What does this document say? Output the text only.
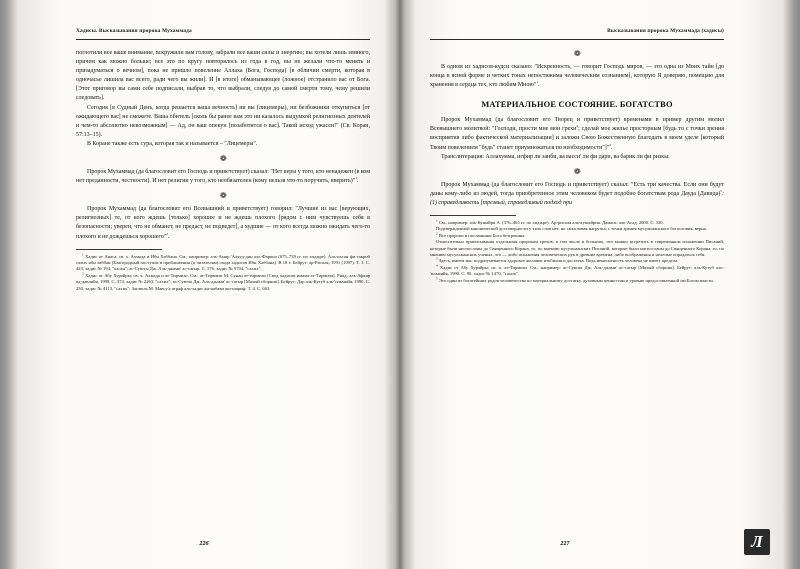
Хадисы. Высказывания пророка Мухаммада

поглотили все ваше внимание, вскружили вам голову, забрали все ваши силы и энергию; вы хотели лишь земного, причем как можно больше; все это по кругу повторялось из года в год, вы не желали что-то менять и призадуматься о вечном], пока не пришло повеление Аллаха (Бога, Господа) [в обличии смерти, которая в одночасье лишила вас всего, ради чего вы жили]. И [в итоге] обманывающее (ложное) отстранило вас от Бога. [Этот приговор вы сами себе подписали, выбрав то, что выбрали, следуя до самой смерти тому, чему решили следовать].

Сегодня [в Судный День, когда решается ваша вечность] ни вы (лицемеры), ни безбожники откупиться [от ожидающего вас] не сможете. Ваша обитель [сколь бы ранее вам это ни казалось выдумкой религиозных деятелей и чем-то абсолютно невозможным] — Ад, он ваш опекун [позаботится о вас]. Такой исход ужасен!" (Св. Коран, 57:13–15).

В Коране также есть сура, которая так и называется – "Лицемеры".

❁

Пророк Мухаммад (да благословит его Господь и приветствует) сказал: "Нет веры у того, кто ненадежен (в ком нет преданности, честности). И нет религии у того, кто необязателен (кому нельзя что-то поручить, вверить)"$^1$.

❁

Пророк Мухаммад (да благословит его Всевышний и приветствует) говорил: "Лучшие из вас [верующих, религиозных] те, от кого ждешь [только] хорошее и не ждешь плохого [рядом с ним чувствуешь себя в безопасности; уверен, что не обманет, не предаст, не подведет], а худшие — от кого всегда можно ожидать чего-то плохого и не дождешься хорошего"$^2$.

$^1$ Хадис от Анаса; св. х. Ахмада и Ибн Хаббана. См., например: аль-Амир 'Аляуд-дин аль-Фариси (675–739 гг. по хиджре). Аль-ихсан фи такриб сахих ибн хаббан [Благородный поступок в приближении (к читателям) свода хадисов Ибн Хаббана]. В 18 т. Бейрут: ар-Рисаля, 1991 (1997). Т. 1. С. 423, хадис № 194, "хасан"; ас-Суюты Дж. Аль-джами' ас-сагыр. С. 576, хадис № 9704, "сахих".

$^2$ Хадис от Абу Хурайры; св. х. Ахмада и ат-Тирмизи. См.: ат-Тирмизи М. Сунан ат-тирмизи [Свод хадисов имама ат-Тирмизи]. Рияд: аль-Афкяр ад-давлийя, 1999. С. 374, хадис № 2263, "сахих"; ас-Суюты Дж. Аль-джами' ас-сагыр [Малый сборник]. Бейрут: Дар аль-Кутуб аль-'ильмийя, 1990. С. 250, хадис № 4113, "сахих"; Заглюль М. Мавсу'а атраф аль-хадис ан-набави аш-шариф. Т. 4. С. 663.

226
Высказывания пророка Мухаммада (хадисы)
❁

В одном из хадисов-кудси сказано: "Искренность, — говорит Господь миров, — это одна из Моих тайн [до конца в ясной форме и четких тонах непостижима человеческим сознанием], которую Я доверяю, помещаю для хранения в сердца тех, кто любим Мною"$^1$.

МАТЕРИАЛЬНОЕ СОСТОЯНИЕ. БОГАТСТВО

Пророк Мухаммад (да благословит его Творец и приветствует) временами в пример другим молил Всевышнего молитвой: "Господи, прости мне мои грехи$^2$; сделай мое жилье просторным [будь то с точки зрения восприятия либо фактической материализации] и заложи Свою Божественную благодать в моем уделе [который Твоим повелением "будь" станет приумножаться по необходимости"]"$^4$.

Транслитерация: Аллахумма, игфир ли занби, ва васси' ли фи дари, ва барик ли фи ризкы.

❁

Пророк Мухаммад (да благословит его Господь и приветствует) сказал: "Есть три качества. Если они будут даны кому-либо из людей, тогда приобретенное этим человеком будет подобно богатствам рода Дауда (Давида)$^5$: (1) справедливость [трезвый, справедливый подход при

$^1$ См., например: аль-Кушайри А. (376–465 гг. по хиджре). Ар-рисаля аль-кушайрия. Дамаск: аль-Асад, 2000. С. 330.

Подтвержденной канонической достоверности у этих слов нет, но смысловая нагрузка, с точки зрения мусульманского богословия, верна.

$^2$ Все пророки и посланники Бога безгрешны.

Относительно приписывания отдельным пророкам грехов, в том числе и больших, что можно встретить в современном изложении Писаний, которые были ниспосланы до Священного Корана, то, по мнению мусульманских Писаний, которые были ниспосланы до Священного Корана, то, по мнению мусульманских ученых, это — либо искажения человеческих рук в древние времена, либо воображения и нелепые опрадаться себя.

$^3$ Здесь, имеем мы, подразумевается здоровое желание изобилия и достатка. Ведь ненасытность человека не имеет предела.

$^4$ Хадис от Абу Хурайры; св. х. ат-Тирмизи. См., например: ас-Суюты Дж. Аль-джами' ас-сагыр [Малый сборник]. Бейрут: аль-Кутуб аль-'ильмийя, 1990. С. 90, хадис № 1470, "сахих".

$^5$ Это один из богатейших родов человечества по материальному достатку, духовным ценностям и уровню предоставленной им Богом власти.

227	Л
